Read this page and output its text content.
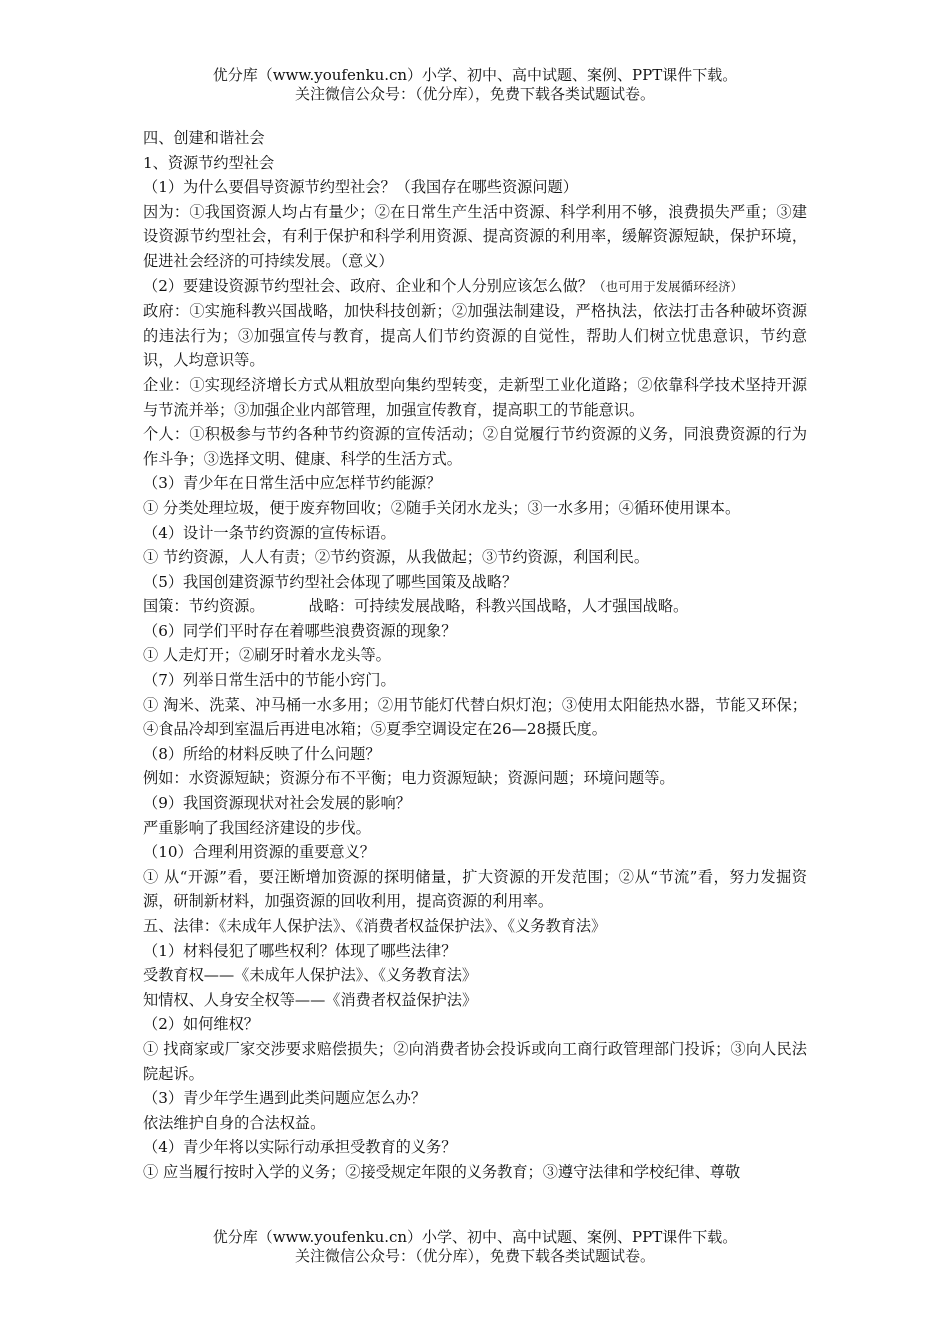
优分库（www.youfenku.cn）小学、初中、高中试题、案例、PPT课件下载。
关注微信公众号：（优分库），免费下载各类试题试卷。

四、创建和谐社会

1、资源节约型社会

（1）为什么要倡导资源节约型社会？（我国存在哪些资源问题）

因为：①我国资源人均占有量少；②在日常生产生活中资源、科学利用不够，浪费损失严重；③建设资源节约型社会，有利于保护和科学利用资源、提高资源的利用率，缓解资源短缺，保护环境，促进社会经济的可持续发展。（意义）

（2）要建设资源节约型社会、政府、企业和个人分别应该怎么做？（也可用于发展循环经济）

政府：①实施科教兴国战略，加快科技创新；②加强法制建设，严格执法，依法打击各种破坏资源的违法行为；③加强宣传与教育，提高人们节约资源的自觉性，帮助人们树立忧患意识，节约意识，人均意识等。

企业：①实现经济增长方式从粗放型向集约型转变，走新型工业化道路；②依靠科学技术坚持开源与节流并举；③加强企业内部管理，加强宣传教育，提高职工的节能意识。

个人：①积极参与节约各种节约资源的宣传活动；②自觉履行节约资源的义务，同浪费资源的行为作斗争；③选择文明、健康、科学的生活方式。

（3）青少年在日常生活中应怎样节约能源？

① 分类处理垃圾，便于废弃物回收；②随手关闭水龙头；③一水多用；④循环使用课本。

（4）设计一条节约资源的宣传标语。

① 节约资源，人人有责；②节约资源，从我做起；③节约资源，利国利民。

（5）我国创建资源节约型社会体现了哪些国策及战略？

国策：节约资源。	战略：可持续发展战略，科教兴国战略，人才强国战略。

（6）同学们平时存在着哪些浪费资源的现象？

① 人走灯开；②刷牙时着水龙头等。

（7）列举日常生活中的节能小窍门。

① 淘米、洗菜、冲马桶一水多用；②用节能灯代替白炽灯泡；③使用太阳能热水器，节能又环保；④食品冷却到室温后再进电冰箱；⑤夏季空调设定在26—28摄氏度。

（8）所给的材料反映了什么问题？

例如：水资源短缺；资源分布不平衡；电力资源短缺；资源问题；环境问题等。

（9）我国资源现状对社会发展的影响？

严重影响了我国经济建设的步伐。

（10）合理利用资源的重要意义？

① 从“开源”看，要汪断增加资源的探明储量，扩大资源的开发范围；②从“节流”看，努力发掘资源，研制新材料，加强资源的回收利用，提高资源的利用率。

五、法律：《未成年人保护法》、《消费者权益保护法》、《义务教育法》

（1）材料侵犯了哪些权利？体现了哪些法律？

受教育权——《未成年人保护法》、《义务教育法》

知情权、人身安全权等——《消费者权益保护法》

（2）如何维权？

① 找商家或厂家交涉要求赔偿损失；②向消费者协会投诉或向工商行政管理部门投诉；③向人民法院起诉。

（3）青少年学生遇到此类问题应怎么办？

依法维护自身的合法权益。

（4）青少年将以实际行动承担受教育的义务？

① 应当履行按时入学的义务；②接受规定年限的义务教育；③遵守法律和学校纪律、尊敬

优分库（www.youfenku.cn）小学、初中、高中试题、案例、PPT课件下载。
关注微信公众号：（优分库），免费下载各类试题试卷。
